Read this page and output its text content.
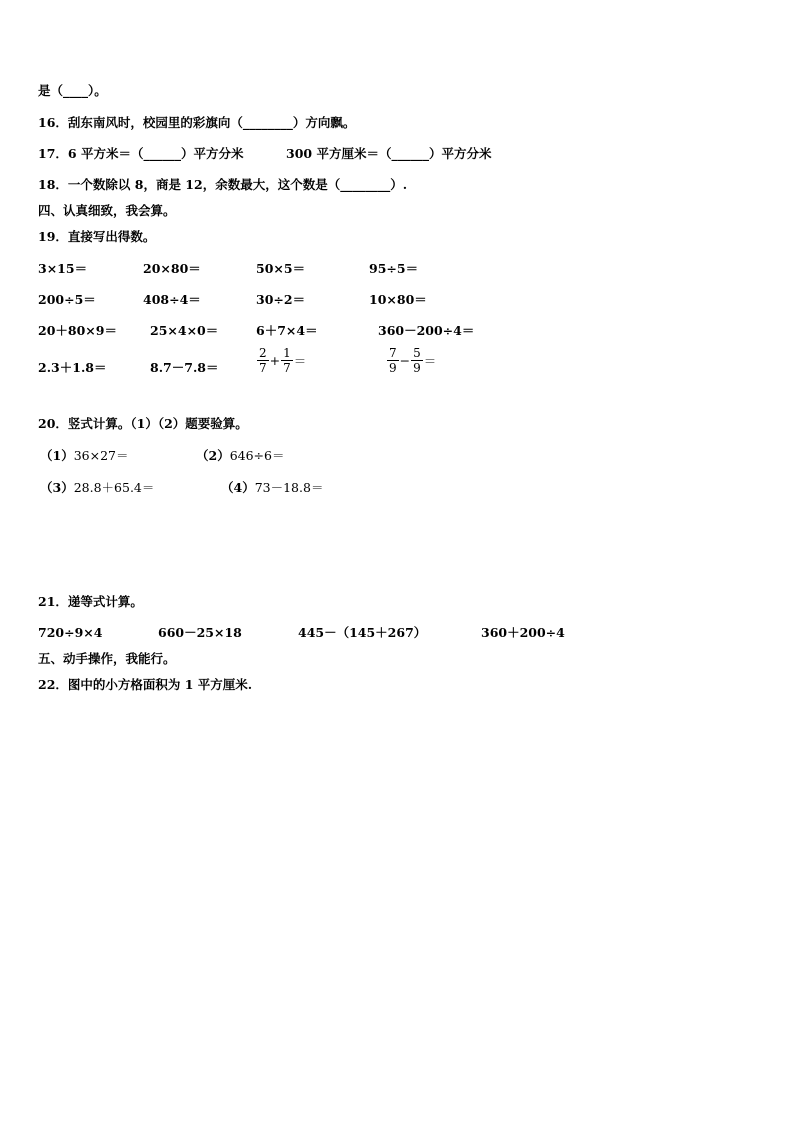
是（____）。
16．刮东南风时，校园里的彩旗向（________）方向飘。
17．6 平方米＝（______）平方分米	300 平方厘米＝（______）平方分米
18．一个数除以 8，商是 12，余数最大，这个数是（________）.
四、认真细致，我会算。
19．直接写出得数。
3×15＝	20×80＝	50×5＝	95÷5＝
200÷5＝	408÷4＝	30÷2＝	10×80＝
20＋80×9＝	25×4×0＝	6＋7×4＝	360－200÷4＝
2.3＋1.8＝	8.7－7.8＝	$\frac{2}{7} + \frac{1}{7}$ ＝	$\frac{7}{9} - \frac{5}{9}$ ＝
20．竖式计算。（1）（2）题要验算。
（1）36×27＝	（2）646÷6＝
（3）28.8＋65.4＝	（4）73－18.8＝
21．递等式计算。
720÷9×4	660－25×18	445－（145＋267）	360＋200÷4
五、动手操作，我能行。
22．图中的小方格面积为 1 平方厘米.
